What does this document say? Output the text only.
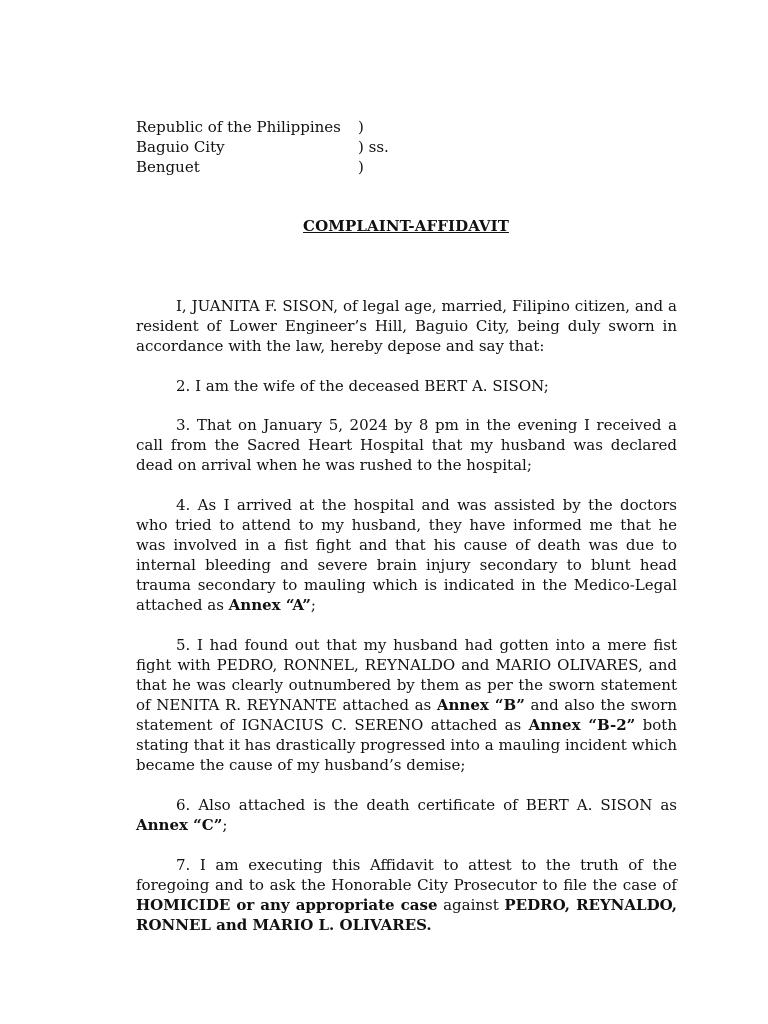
Republic of the Philippines )
Baguio City	) ss.
Benguet	)
COMPLAINT-AFFIDAVIT

I, JUANITA F. SISON, of legal age, married, Filipino citizen, and a resident of Lower Engineer’s Hill, Baguio City, being duly sworn in accordance with the law, hereby depose and say that:

2. I am the wife of the deceased BERT A. SISON;

3. That on January 5, 2024 by 8 pm in the evening I received a call from the Sacred Heart Hospital that my husband was declared dead on arrival when he was rushed to the hospital;

4. As I arrived at the hospital and was assisted by the doctors who tried to attend to my husband, they have informed me that he was involved in a fist fight and that his cause of death was due to internal bleeding and severe brain injury secondary to blunt head trauma secondary to mauling which is indicated in the Medico-Legal attached as Annex “A”;

5. I had found out that my husband had gotten into a mere fist fight with PEDRO, RONNEL, REYNALDO and MARIO OLIVARES, and that he was clearly outnumbered by them as per the sworn statement of NENITA R. REYNANTE attached as Annex “B” and also the sworn statement of IGNACIUS C. SERENO attached as Annex “B-2” both stating that it has drastically progressed into a mauling incident which became the cause of my husband’s demise;

6. Also attached is the death certificate of BERT A. SISON as Annex “C”;

7. I am executing this Affidavit to attest to the truth of the foregoing and to ask the Honorable City Prosecutor to file the case of HOMICIDE or any appropriate case against PEDRO, REYNALDO, RONNEL and MARIO L. OLIVARES.
